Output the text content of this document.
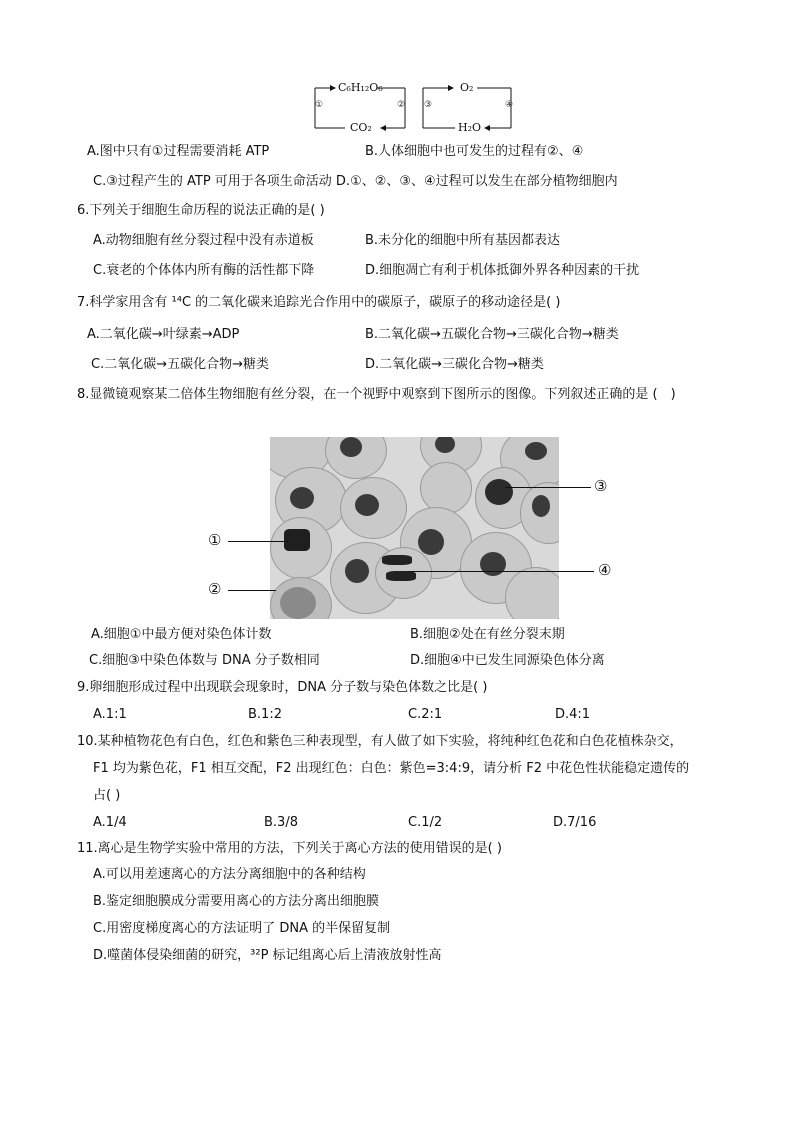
C₆H₁₂O₆
CO₂
O₂
H₂O
①	② ③	④
A.图中只有①过程需要消耗 ATP	B.人体细胞中也可发生的过程有②、④
C.③过程产生的 ATP 可用于各项生命活动 D.①、②、③、④过程可以发生在部分植物细胞内
6.下列关于细胞生命历程的说法正确的是( )
A.动物细胞有丝分裂过程中没有赤道板	B.未分化的细胞中所有基因都表达
C.衰老的个体体内所有酶的活性都下降	D.细胞凋亡有利于机体抵御外界各种因素的干扰
7.科学家用含有 ¹⁴C 的二氧化碳来追踪光合作用中的碳原子，碳原子的移动途径是( )
A.二氧化碳→叶绿素→ADP	B.二氧化碳→五碳化合物→三碳化合物→糖类
C.二氧化碳→五碳化合物→糖类	D.二氧化碳→三碳化合物→糖类
8.显微镜观察某二倍体生物细胞有丝分裂，在一个视野中观察到下图所示的图像。下列叙述正确的是 (　)
①
②
③
④
A.细胞①中最方便对染色体计数	B.细胞②处在有丝分裂末期
C.细胞③中染色体数与 DNA 分子数相同	D.细胞④中已发生同源染色体分离
9.卵细胞形成过程中出现联会现象时，DNA 分子数与染色体数之比是( )
A.1:1	B.1:2	C.2:1	D.4:1
10.某种植物花色有白色，红色和紫色三种表现型，有人做了如下实验，将纯种红色花和白色花植株杂交，
F1 均为紫色花，F1 相互交配，F2 出现红色：白色：紫色=3:4:9，请分析 F2 中花色性状能稳定遗传的
占( )
A.1/4	B.3/8	C.1/2	D.7/16
11.离心是生物学实验中常用的方法，下列关于离心方法的使用错误的是( )
A.可以用差速离心的方法分离细胞中的各种结构
B.鉴定细胞膜成分需要用离心的方法分离出细胞膜
C.用密度梯度离心的方法证明了 DNA 的半保留复制
D.噬菌体侵染细菌的研究，³²P 标记组离心后上清液放射性高
